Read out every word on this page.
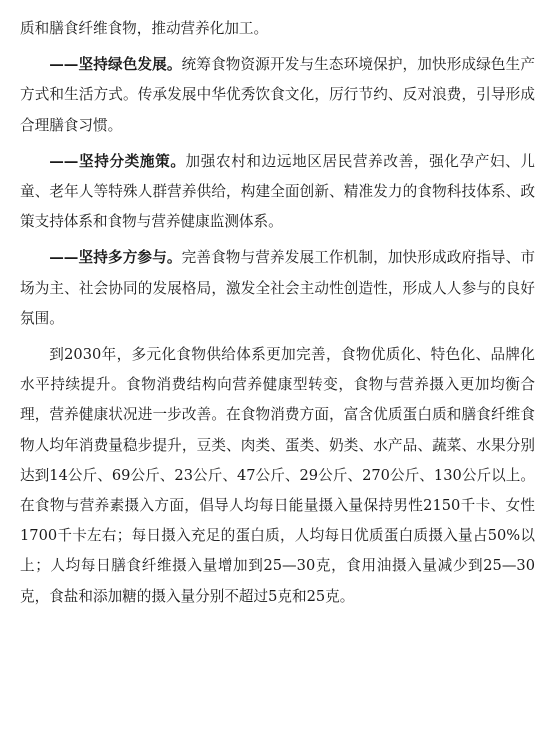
质和膳食纤维食物，推动营养化加工。

——坚持绿色发展。统筹食物资源开发与生态环境保护，加快形成绿色生产方式和生活方式。传承发展中华优秀饮食文化，厉行节约、反对浪费，引导形成合理膳食习惯。

——坚持分类施策。加强农村和边远地区居民营养改善，强化孕产妇、儿童、老年人等特殊人群营养供给，构建全面创新、精准发力的食物科技体系、政策支持体系和食物与营养健康监测体系。

——坚持多方参与。完善食物与营养发展工作机制，加快形成政府指导、市场为主、社会协同的发展格局，激发全社会主动性创造性，形成人人参与的良好氛围。

到2030年，多元化食物供给体系更加完善，食物优质化、特色化、品牌化水平持续提升。食物消费结构向营养健康型转变，食物与营养摄入更加均衡合理，营养健康状况进一步改善。在食物消费方面，富含优质蛋白质和膳食纤维食物人均年消费量稳步提升，豆类、肉类、蛋类、奶类、水产品、蔬菜、水果分别达到14公斤、69公斤、23公斤、47公斤、29公斤、270公斤、130公斤以上。在食物与营养素摄入方面，倡导人均每日能量摄入量保持男性2150千卡、女性1700千卡左右；每日摄入充足的蛋白质，人均每日优质蛋白质摄入量占50%以上；人均每日膳食纤维摄入量增加到25—30克，食用油摄入量减少到25—30克，食盐和添加糖的摄入量分别不超过5克和25克。
